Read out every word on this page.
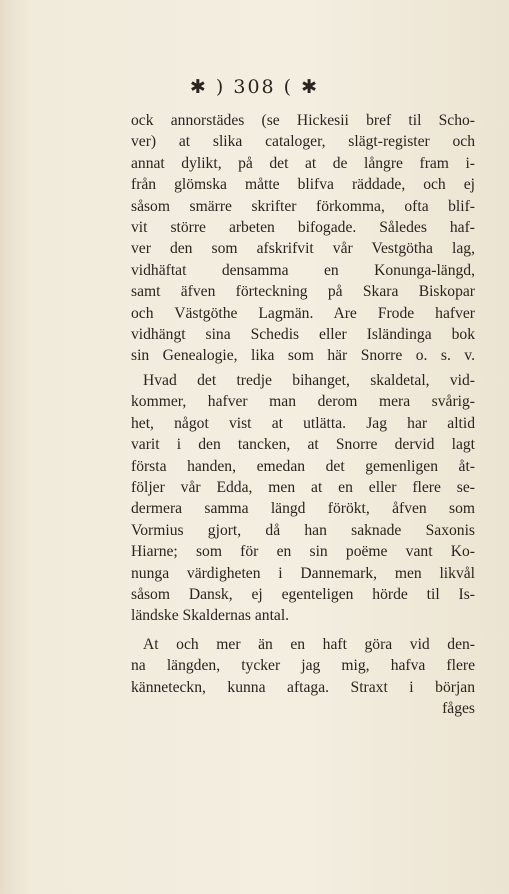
✱ ) 308 ( ✱
ock annorstädes (se Hickesii bref til Scho-
ver) at slika cataloger, slägt-register och
annat dylikt, på det at de långre fram i-
från glömska måtte blifva räddade, och ej
såsom smärre skrifter förkomma, ofta blif-
vit större arbeten bifogade. Således haf-
ver den som afskrifvit vår Vestgötha lag,
vidhäftat densamma en Konunga-längd,
samt äfven förteckning på Skara Biskopar
och Västgöthe Lagmän. Are Frode hafver
vidhängt sina Schedis eller Isländinga bok
sin Genealogie, lika som här Snorre o. s. v.
Hvad det tredje bihanget, skaldetal, vid-
kommer, hafver man derom mera svårig-
het, något vist at utlätta. Jag har altid
varit i den tancken, at Snorre dervid lagt
första handen, emedan det gemenligen åt-
följer vår Edda, men at en eller flere se-
dermera samma längd förökt, åfven som
Vormius gjort, då han saknade Saxonis
Hiarne; som för en sin poëme vant Ko-
nunga värdigheten i Dannemark, men likvål
såsom Dansk, ej egenteligen hörde til Is-
ländske Skaldernas antal.
At och mer än en haft göra vid den-
na längden, tycker jag mig, hafva flere
känneteckn, kunna aftaga. Straxt i början
fåges
